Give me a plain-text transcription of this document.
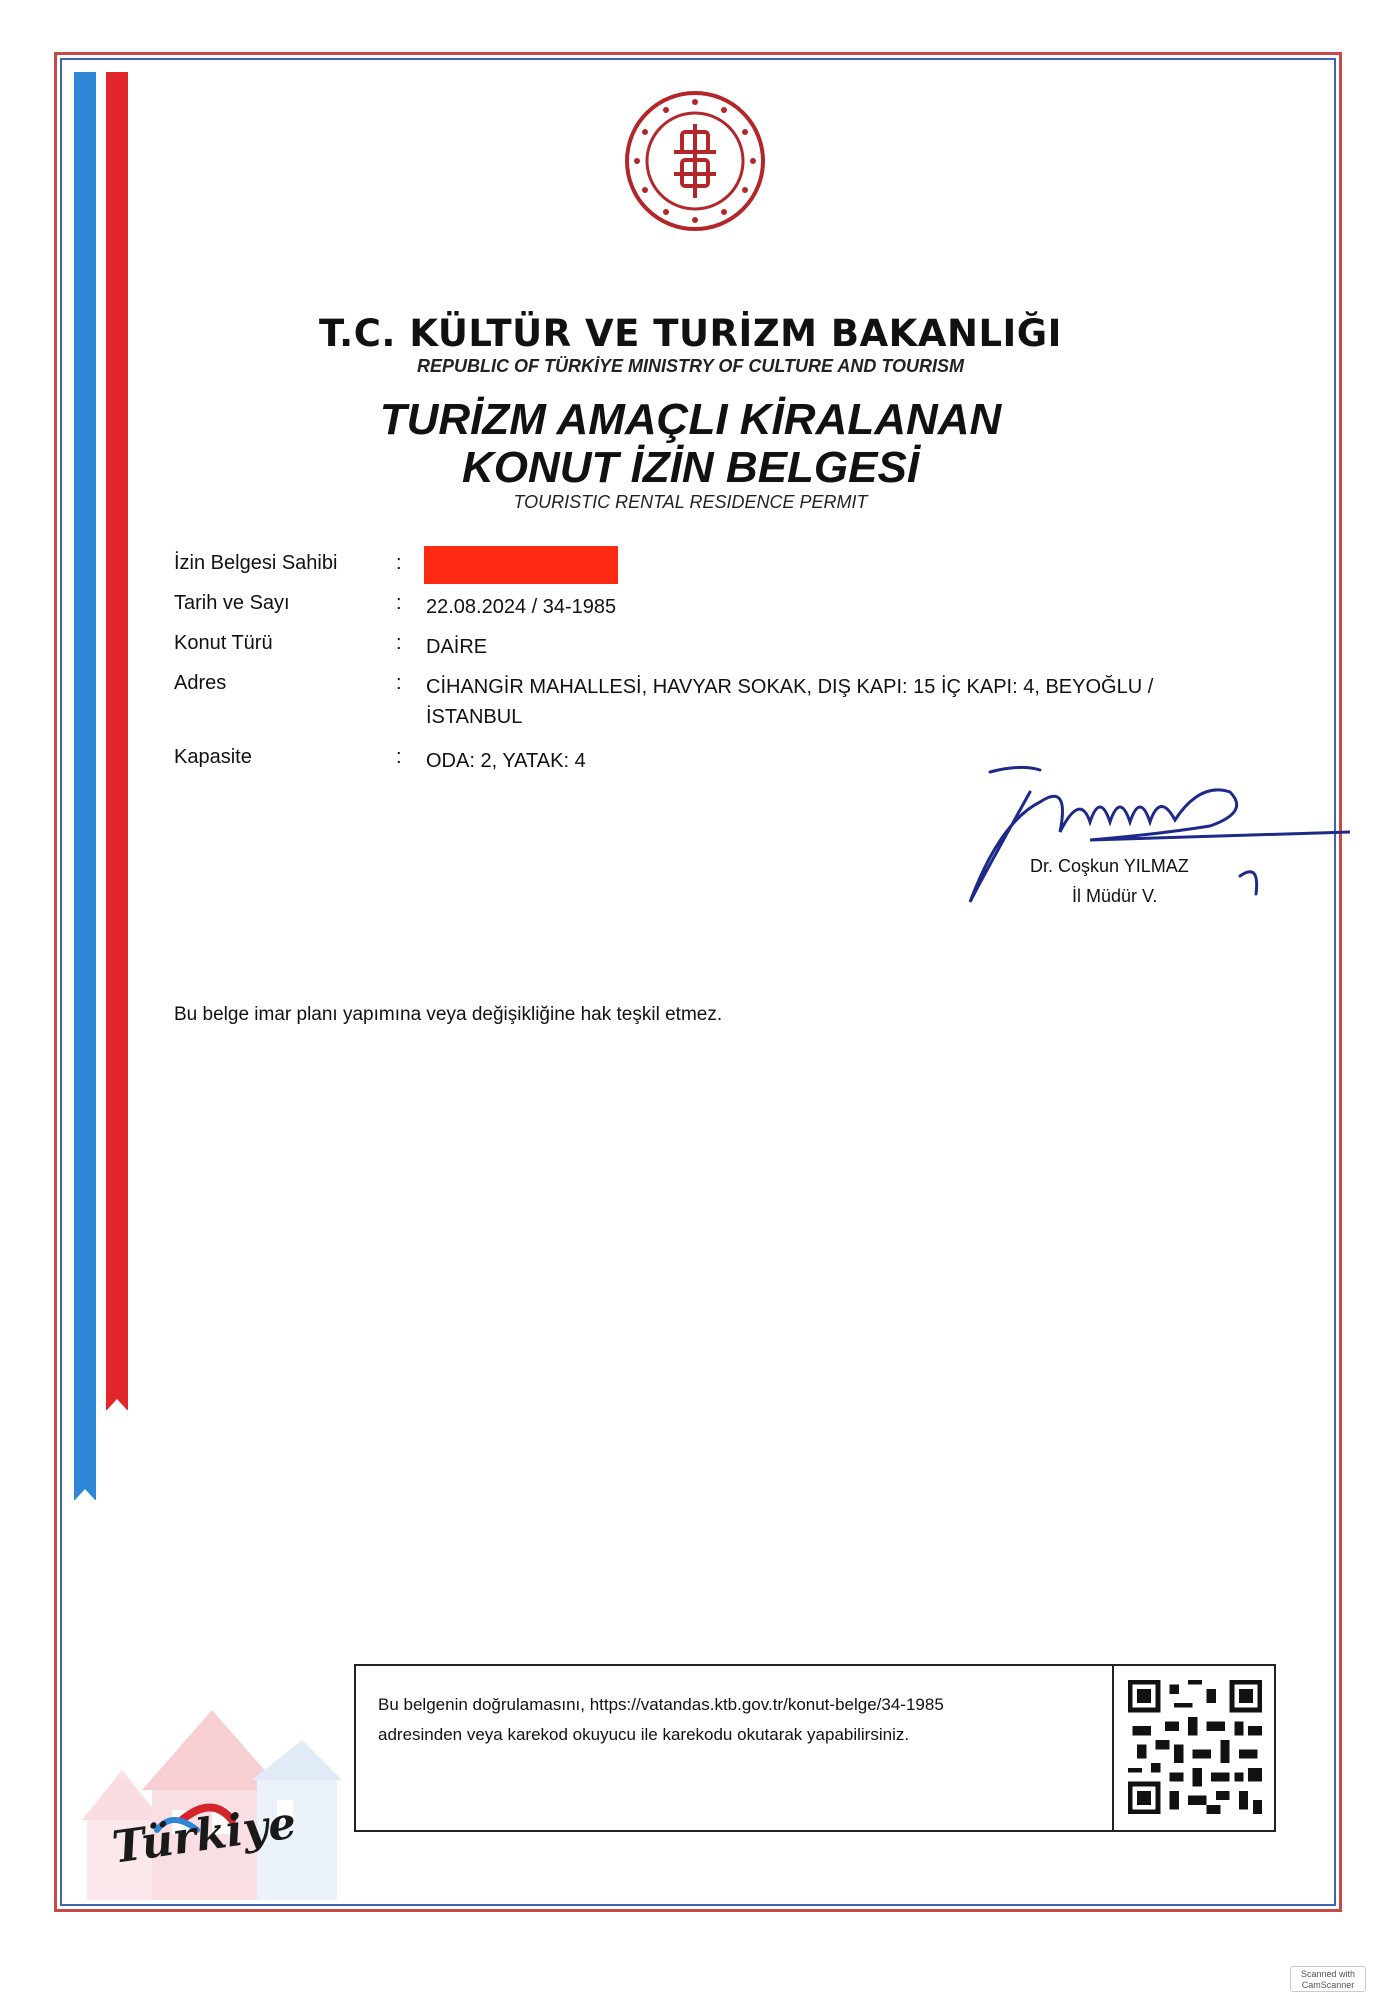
T.C. KÜLTÜR VE TURİZM BAKANLIĞI
REPUBLIC OF TÜRKİYE MINISTRY OF CULTURE AND TOURISM
TURİZM AMAÇLI KİRALANAN
KONUT İZİN BELGESİ
TOURISTIC RENTAL RESIDENCE PERMIT
İzin Belgesi Sahibi	:
Tarih ve Sayı	: 22.08.2024 / 34-1985
Konut Türü	: DAİRE
Adres	: CİHANGİR MAHALLESİ, HAVYAR SOKAK, DIŞ KAPI: 15 İÇ KAPI: 4, BEYOĞLU / İSTANBUL
Kapasite	: ODA: 2, YATAK: 4
Dr. Coşkun YILMAZ
İl Müdür V.
Bu belge imar planı yapımına veya değişikliğine hak teşkil etmez.
Bu belgenin doğrulamasını, https://vatandas.ktb.gov.tr/konut-belge/34-1985
adresinden veya karekod okuyucu ile karekodu okutarak yapabilirsiniz.
Türkiye
Scanned with
CamScanner
